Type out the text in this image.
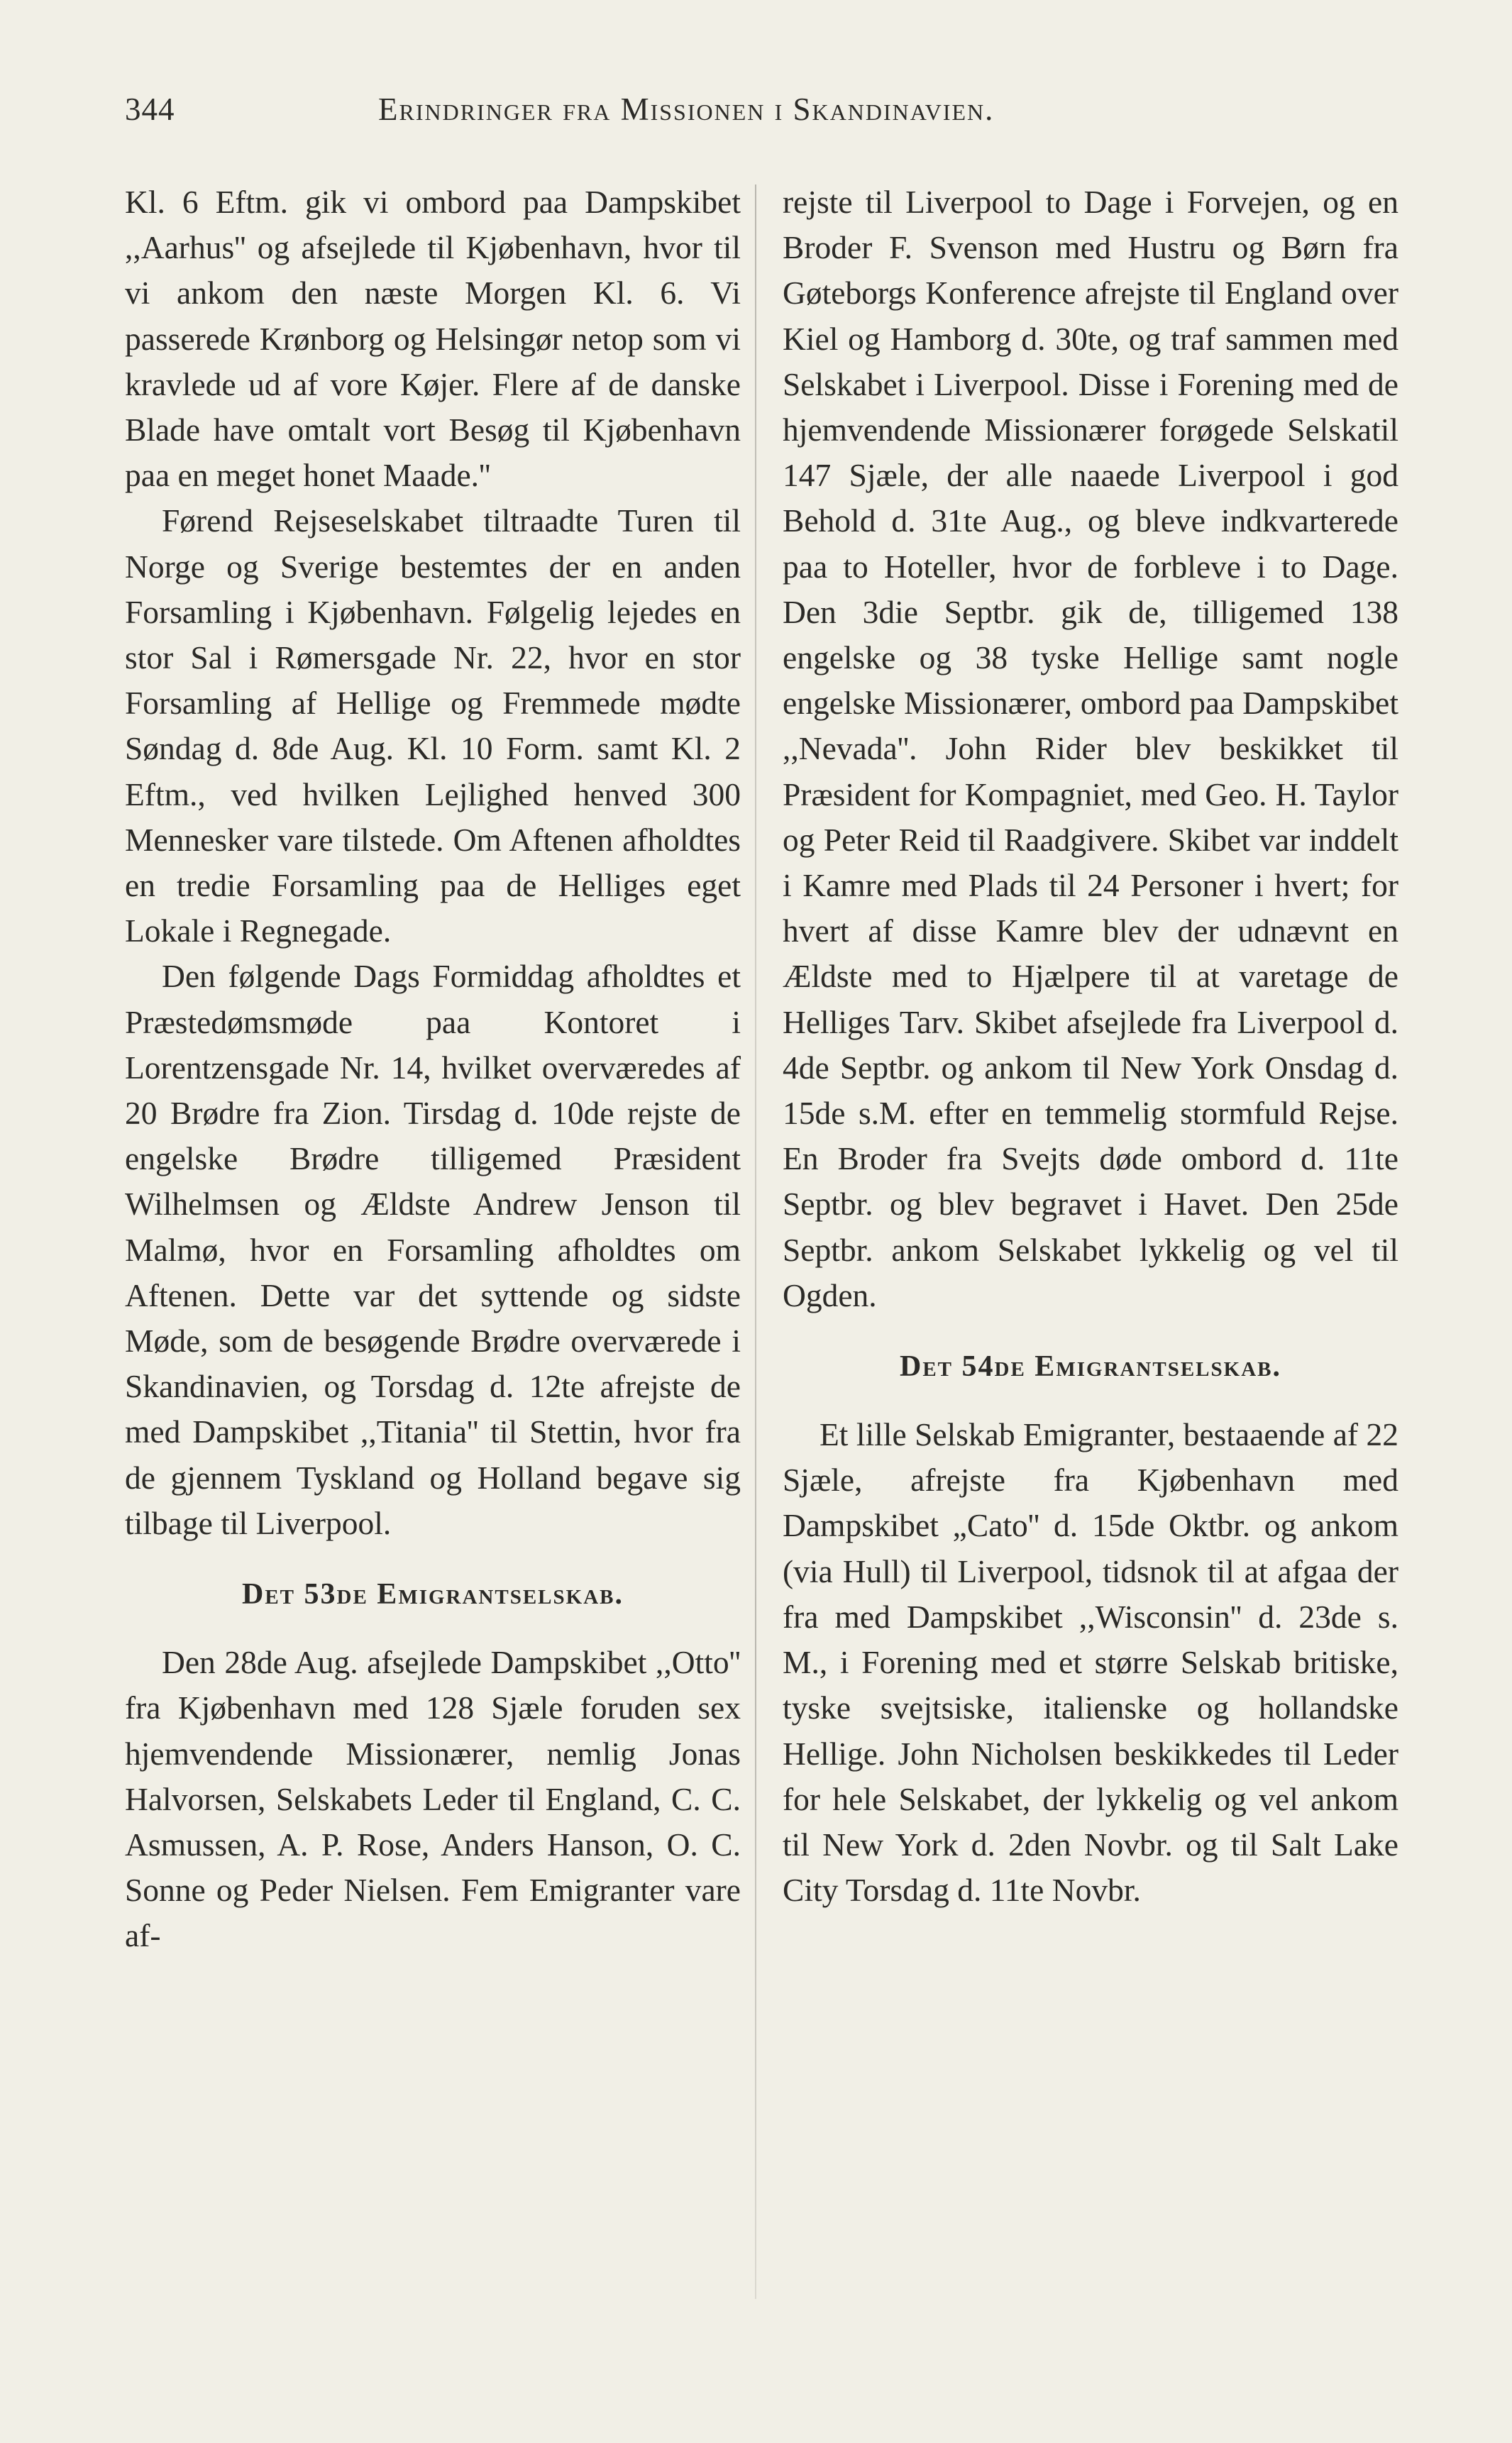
344	Erindringer fra Missionen i Skandinavien.

Kl. 6 Eftm. gik vi ombord paa Dampskibet ,,Aarhus'' og afsejlede til Kjøbenhavn, hvor til vi ankom den næste Morgen Kl. 6. Vi passerede Krønborg og Helsingør netop som vi kravlede ud af vore Køjer. Flere af de danske Blade have omtalt vort Besøg til Kjøbenhavn paa en meget honet Maade.''

Førend Rejseselskabet tiltraadte Turen til Norge og Sverige bestemtes der en anden Forsamling i Kjøbenhavn. Følgelig lejedes en stor Sal i Rømersgade Nr. 22, hvor en stor Forsamling af Hellige og Fremmede mødte Søndag d. 8de Aug. Kl. 10 Form. samt Kl. 2 Eftm., ved hvilken Lejlighed henved 300 Mennesker vare tilstede. Om Aftenen afholdtes en tredie Forsamling paa de Helliges eget Lokale i Regnegade.

Den følgende Dags Formiddag afholdtes et Præstedømsmøde paa Kontoret i Lorentzensgade Nr. 14, hvilket overværedes af 20 Brødre fra Zion. Tirsdag d. 10de rejste de engelske Brødre tilligemed Præsident Wilhelmsen og Ældste Andrew Jenson til Malmø, hvor en Forsamling afholdtes om Aftenen. Dette var det syttende og sidste Møde, som de besøgende Brødre overværede i Skandinavien, og Torsdag d. 12te afrejste de med Dampskibet ,,Titania'' til Stettin, hvor fra de gjennem Tyskland og Holland begave sig tilbage til Liverpool.

Det 53de Emigrantselskab.

Den 28de Aug. afsejlede Dampskibet ,,Otto'' fra Kjøbenhavn med 128 Sjæle foruden sex hjemvendende Missionærer, nemlig Jonas Halvorsen, Selskabets Leder til England, C. C. Asmussen, A. P. Rose, Anders Hanson, O. C. Sonne og Peder Nielsen. Fem Emigranter vare af-

rejste til Liverpool to Dage i Forvejen, og en Broder F. Svenson med Hustru og Børn fra Gøteborgs Konference afrejste til England over Kiel og Hamborg d. 30te, og traf sammen med Selskabet i Liverpool. Disse i Forening med de hjemvendende Missionærer forøgede Selskatil 147 Sjæle, der alle naaede Liverpool i god Behold d. 31te Aug., og bleve indkvarterede paa to Hoteller, hvor de forbleve i to Dage. Den 3die Septbr. gik de, tilligemed 138 engelske og 38 tyske Hellige samt nogle engelske Missionærer, ombord paa Dampskibet ,,Nevada''. John Rider blev beskikket til Præsident for Kompagniet, med Geo. H. Taylor og Peter Reid til Raadgivere. Skibet var inddelt i Kamre med Plads til 24 Personer i hvert; for hvert af disse Kamre blev der udnævnt en Ældste med to Hjælpere til at varetage de Helliges Tarv. Skibet afsejlede fra Liverpool d. 4de Septbr. og ankom til New York Onsdag d. 15de s.M. efter en temmelig stormfuld Rejse. En Broder fra Svejts døde ombord d. 11te Septbr. og blev begravet i Havet. Den 25de Septbr. ankom Selskabet lykkelig og vel til Ogden.

Det 54de Emigrantselskab.

Et lille Selskab Emigranter, bestaaende af 22 Sjæle, afrejste fra Kjøbenhavn med Dampskibet „Cato'' d. 15de Oktbr. og ankom (via Hull) til Liverpool, tidsnok til at afgaa der fra med Dampskibet ,,Wisconsin'' d. 23de s. M., i Forening med et større Selskab britiske, tyske svejtsiske, italienske og hollandske Hellige. John Nicholsen beskikkedes til Leder for hele Selskabet, der lykkelig og vel ankom til New York d. 2den Novbr. og til Salt Lake City Torsdag d. 11te Novbr.
